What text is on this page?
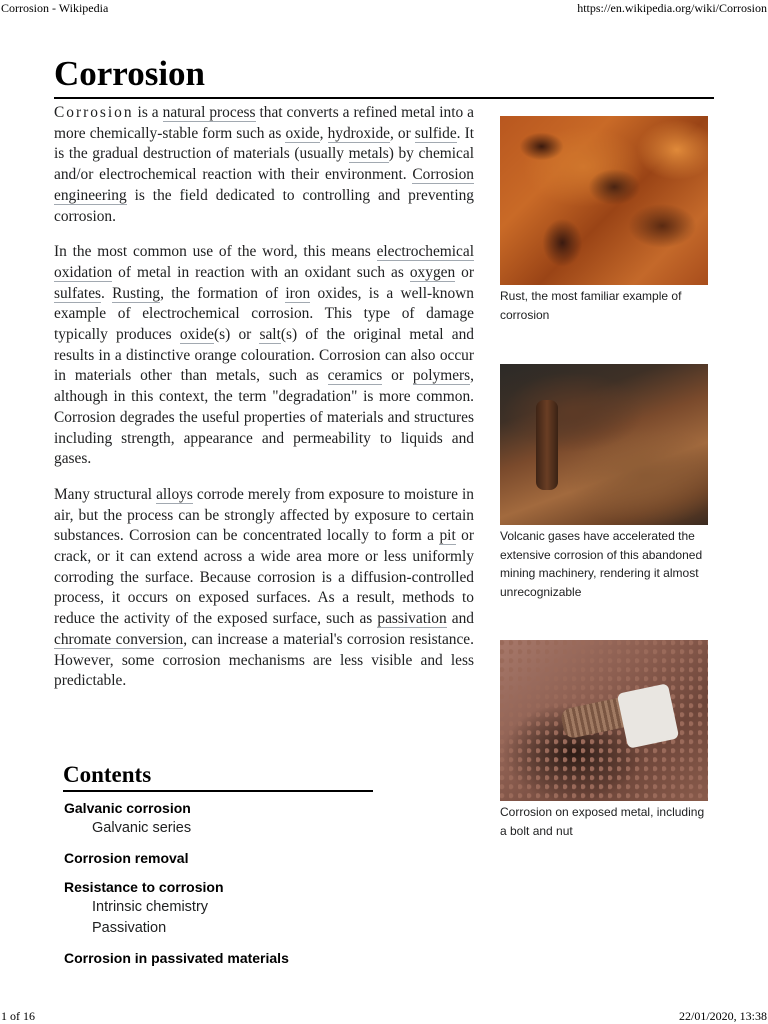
Corrosion - Wikipedia	https://en.wikipedia.org/wiki/Corrosion
Corrosion

Corrosion is a natural process that converts a refined metal into a more chemically-stable form such as oxide, hydroxide, or sulfide. It is the gradual destruction of materials (usually metals) by chemical and/or electrochemical reaction with their environment. Corrosion engineering is the field dedicated to controlling and preventing corrosion.

In the most common use of the word, this means electrochemical oxidation of metal in reaction with an oxidant such as oxygen or sulfates. Rusting, the formation of iron oxides, is a well-known example of electrochemical corrosion. This type of damage typically produces oxide(s) or salt(s) of the original metal and results in a distinctive orange colouration. Corrosion can also occur in materials other than metals, such as ceramics or polymers, although in this context, the term "degradation" is more common. Corrosion degrades the useful properties of materials and structures including strength, appearance and permeability to liquids and gases.

Many structural alloys corrode merely from exposure to moisture in air, but the process can be strongly affected by exposure to certain substances. Corrosion can be concentrated locally to form a pit or crack, or it can extend across a wide area more or less uniformly corroding the surface. Because corrosion is a diffusion-controlled process, it occurs on exposed surfaces. As a result, methods to reduce the activity of the exposed surface, such as passivation and chromate conversion, can increase a material's corrosion resistance. However, some corrosion mechanisms are less visible and less predictable.

Rust, the most familiar example of corrosion
Volcanic gases have accelerated the extensive corrosion of this abandoned mining machinery, rendering it almost unrecognizable
Corrosion on exposed metal, including a bolt and nut
Contents
Galvanic corrosion
Galvanic series
Corrosion removal
Resistance to corrosion
Intrinsic chemistry
Passivation
Corrosion in passivated materials
1 of 16	22/01/2020, 13:38
